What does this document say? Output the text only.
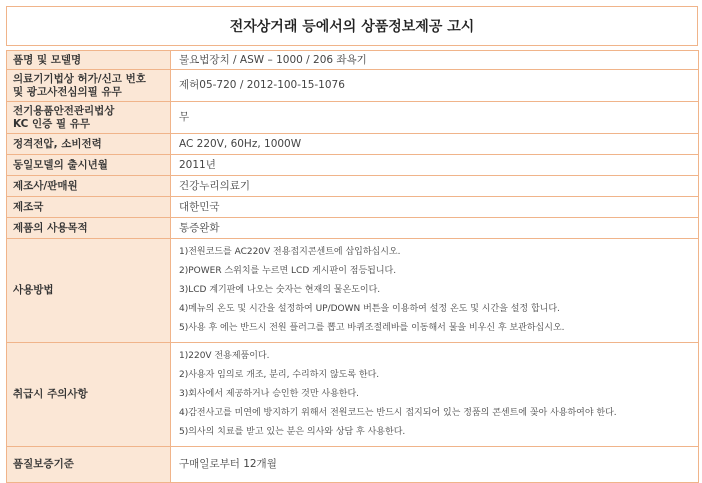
전자상거래 등에서의 상품정보제공 고시
품명 및 모델명	물요법장치 / ASW – 1000 / 206 좌욕기
의료기기법상 허가/신고 번호
및 광고사전심의필 유무	제허05-720 / 2012-100-15-1076
전기용품안전관리법상
KC 인증 필 유무	무
정격전압, 소비전력	AC 220V, 60Hz, 1000W
동일모델의 출시년월	2011년
제조사/판매원	건강누리의료기
제조국	대한민국
제품의 사용목적	통증완화
사용방법	1)전원코드를 AC220V 전용접지콘센트에 삽입하십시오.
2)POWER 스위치를 누르면 LCD 게시판이 점등됩니다.
3)LCD 계기판에 나오는 숫자는 현재의 물온도이다.
4)메뉴의 온도 및 시간을 설정하여 UP/DOWN 버튼을 이용하여 설정 온도 및 시간을 설정 합니다.
5)사용 후 에는 반드시 전원 플러그를 뽑고 바퀴조절레바를 이동해서 물을 비우신 후 보관하십시오.

취급시 주의사항	1)220V 전용제품이다.
2)사용자 임의로 개조, 분리, 수리하지 않도록 한다.
3)회사에서 제공하거나 승인한 것만 사용한다.
4)감전사고를 미연에 방지하기 위해서 전원코드는 반드시 접지되어 있는 정품의 콘센트에 꽂아 사용하여야 한다.
5)의사의 치료를 받고 있는 분은 의사와 상담 후 사용한다.

품질보증기준	구매일로부터 12개월
